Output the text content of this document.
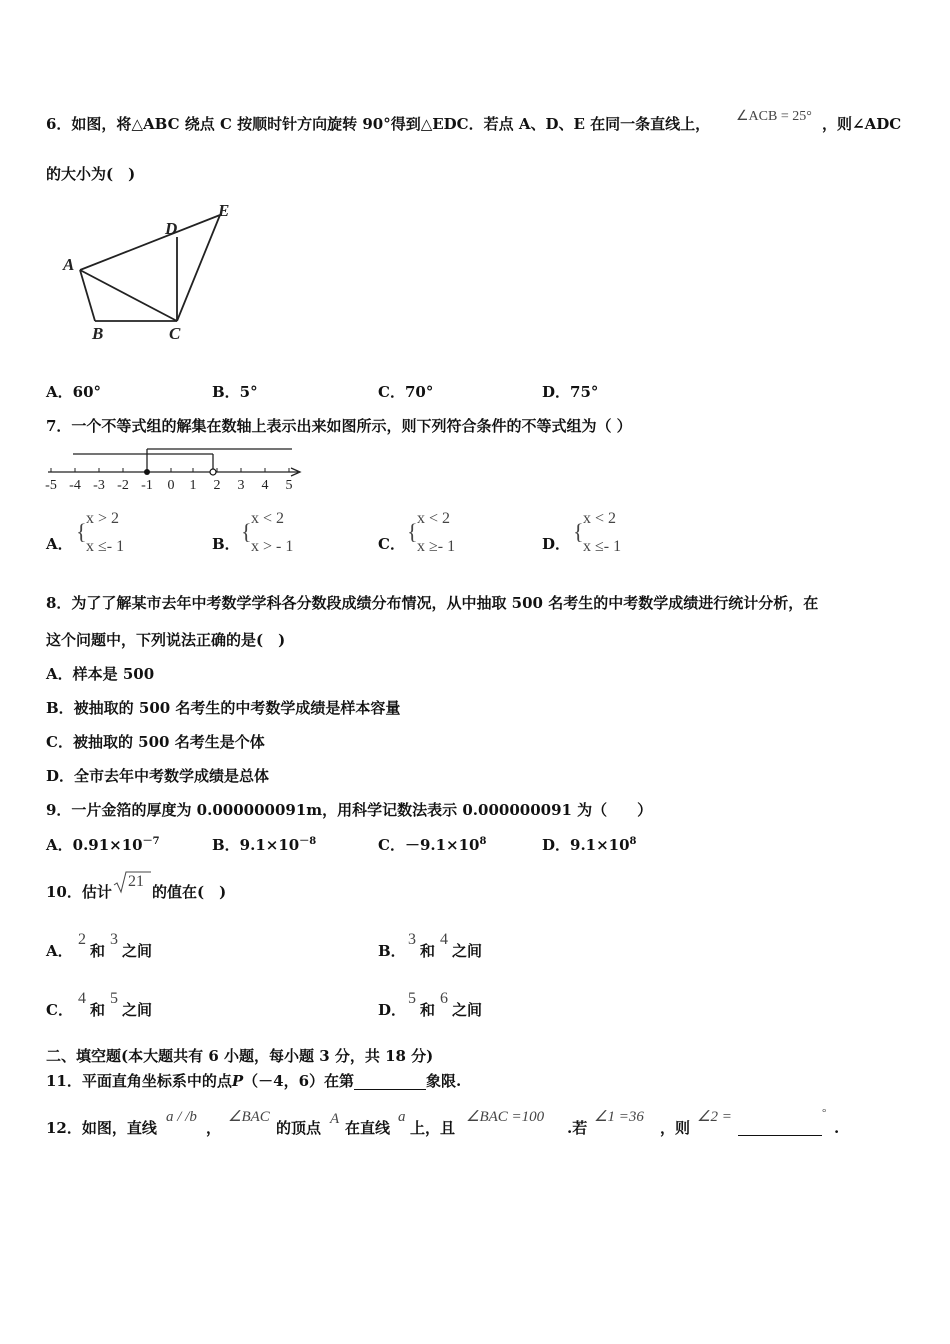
6．如图，将△ABC 绕点 C 按顺时针方向旋转 90°得到△EDC．若点 A、D、E 在同一条直线上， ∠ACB = 25° ，则∠ADC
的大小为(　)
A
B	C
D
E
A．60°	B．5°	C．70°	D．75°
7．一个不等式组的解集在数轴上表示出来如图所示，则下列符合条件的不等式组为（ ）
-5 -4 -3 -2 -1 0 1 2 3 4 5
A． {
x > 2
x ≤- 1	B． {
x < 2
x > - 1	C． {
x < 2
x ≥- 1	D． {
x < 2
x ≤- 1
8．为了了解某市去年中考数学学科各分数段成绩分布情况，从中抽取 500 名考生的中考数学成绩进行统计分析，在
这个问题中，下列说法正确的是(　)
A．样本是 500
B．被抽取的 500 名考生的中考数学成绩是样本容量
C．被抽取的 500 名考生是个体
D．全市去年中考数学成绩是总体
9．一片金箔的厚度为 0.000000091m，用科学记数法表示 0.000000091 为（　　）
A．$0.91\times 10^{-7}$	B．$9.1\times 10^{-8}$	C．$-9.1\times 10^8$	D．$9.1\times 10^8$
10．估计
21
的值在(　)
A．
2
和
3
之间	B．
3
和
4
之间
C．
4
和
5
之间	D．
5
和
6
之间
二、填空题(本大题共有 6 小题，每小题 3 分，共 18 分)
11．平面直角坐标系中的点P（－4，6）在第	象限.
12．如图，直线
a / /b
，
∠BAC
的顶点 A 在直线
a
上，且
∠BAC =100
.若
∠1 =36
，则
∠2 =	°
.
